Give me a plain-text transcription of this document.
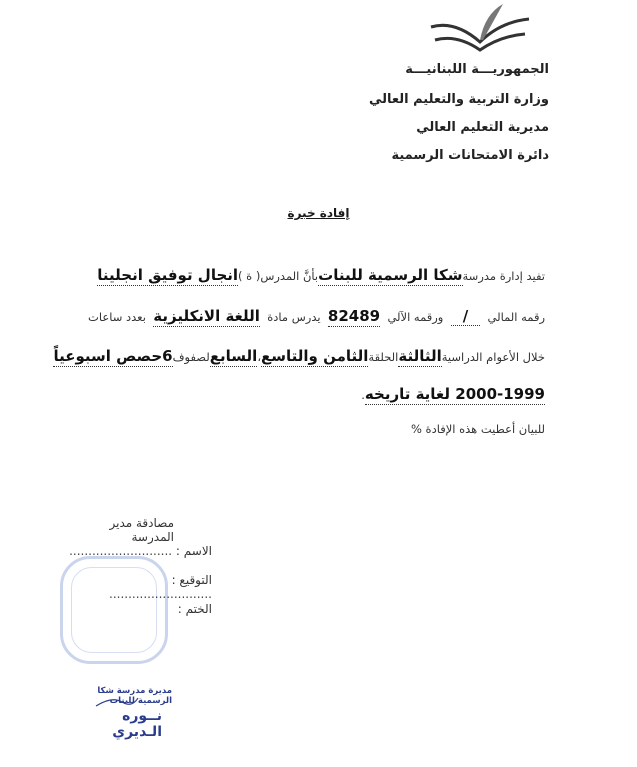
الجمهوريـــة اللبنانيـــة
وزارة التربية والتعليم العالي
مديرية التعليم العالي
دائرة الامتحانات الرسمية
إفادة خبرة
تفيد إدارة مدرسة
شكا الرسمية للبنات
بأنَّ المدرس( ة )
انجال توفيق انجلينا
رقمه المالي
/
ورقمه الآلي
82489
يدرس مادة
اللغة الانكليزية
بعدد ساعات
خلال الأعوام الدراسية
الثالثة
الحلقة
الثامن والتاسع
،
السابع
لصفوف
6حصص اسبوعياً
2000-1999 لغاية تاريخه
.
للبيان أعطيت هذه الإفادة %
مصادقة مدير المدرسة
الاسم : ...........................
التوقيع : ...........................
الختم :
مديرة مدرسة شكا الرسمية للبنات
نــوره الـديري
